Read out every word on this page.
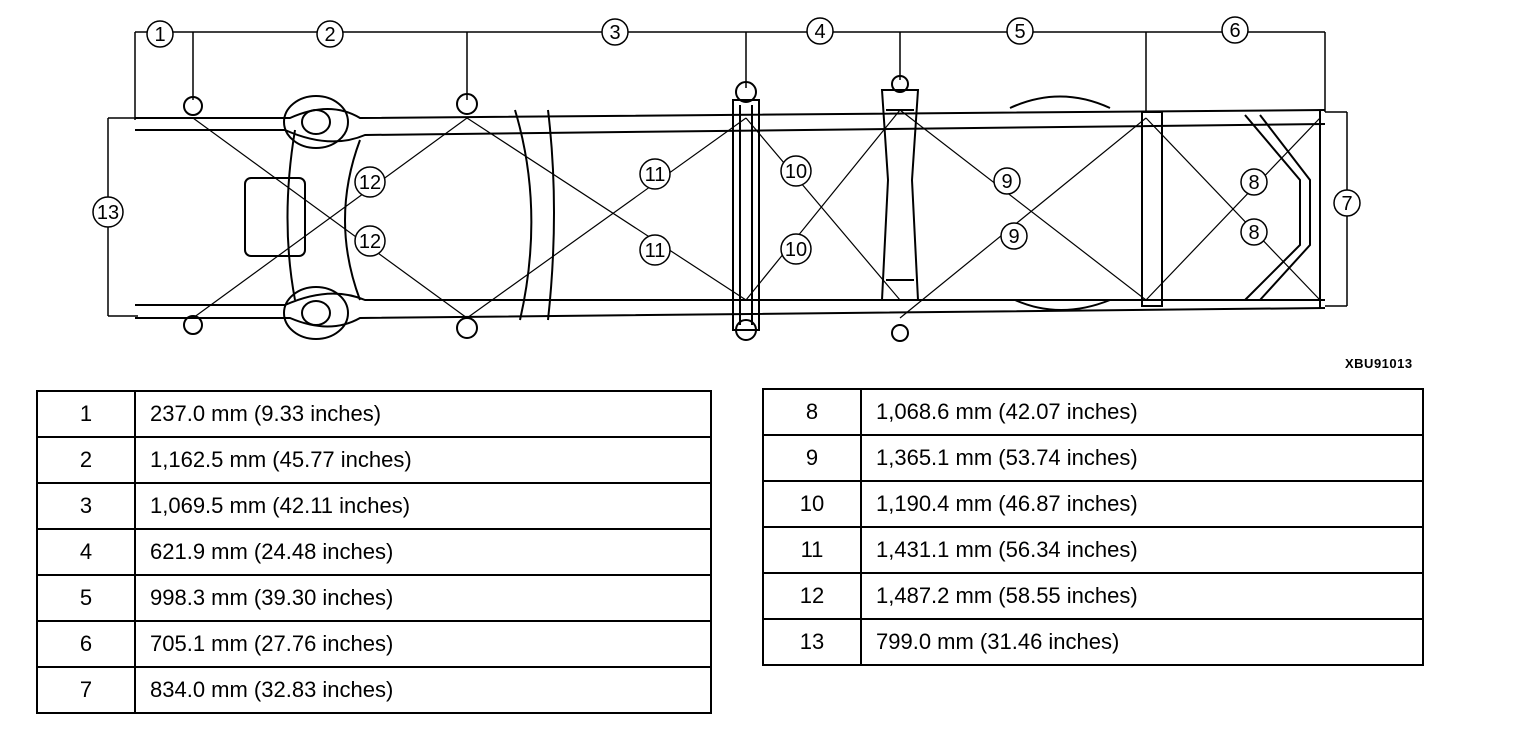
1	2	3	4	5	6
7
8
8
9
9
10
10
11
11
12
12
13
XBU91013
1	237.0 mm (9.33 inches)
2	1,162.5 mm (45.77 inches)
3	1,069.5 mm (42.11 inches)
4	621.9 mm (24.48 inches)
5	998.3 mm (39.30 inches)
6	705.1 mm (27.76 inches)
7	834.0 mm (32.83 inches)
8	1,068.6 mm (42.07 inches)
9	1,365.1 mm (53.74 inches)
10	1,190.4 mm (46.87 inches)
11	1,431.1 mm (56.34 inches)
12	1,487.2 mm (58.55 inches)
13	799.0 mm (31.46 inches)
